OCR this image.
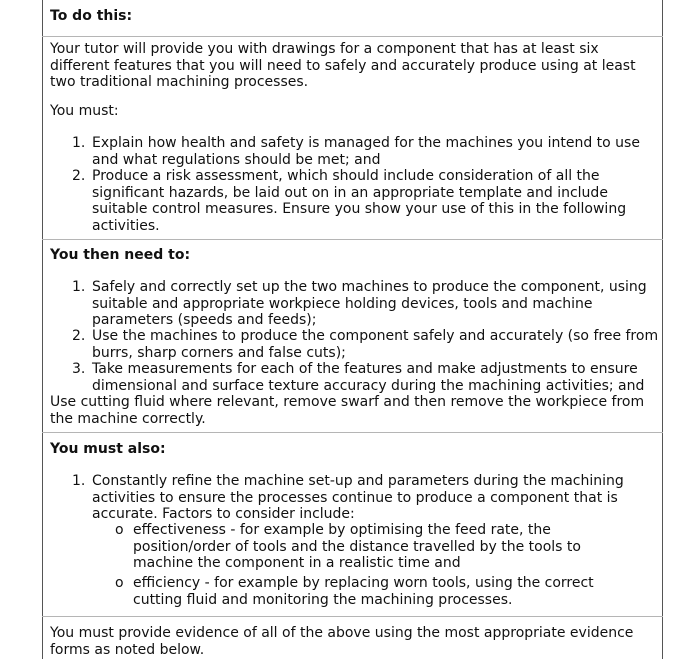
To do this:

Your tutor will provide you with drawings for a component that has at least six different features that you will need to safely and accurately produce using at least two traditional machining processes.

You must:

1. Explain how health and safety is managed for the machines you intend to use and what regulations should be met; and

2. Produce a risk assessment, which should include consideration of all the significant hazards, be laid out on in an appropriate template and include suitable control measures. Ensure you show your use of this in the following activities.

You then need to:

1. Safely and correctly set up the two machines to produce the component, using suitable and appropriate workpiece holding devices, tools and machine parameters (speeds and feeds);

2. Use the machines to produce the component safely and accurately (so free from burrs, sharp corners and false cuts);

3. Take measurements for each of the features and make adjustments to ensure dimensional and surface texture accuracy during the machining activities; and

Use cutting fluid where relevant, remove swarf and then remove the workpiece from the machine correctly.

You must also:

1. Constantly refine the machine set-up and parameters during the machining activities to ensure the processes continue to produce a component that is accurate. Factors to consider include:

o effectiveness - for example by optimising the feed rate, the position/order of tools and the distance travelled by the tools to machine the component in a realistic time and

o efficiency - for example by replacing worn tools, using the correct cutting fluid and monitoring the machining processes.

You must provide evidence of all of the above using the most appropriate evidence forms as noted below.
